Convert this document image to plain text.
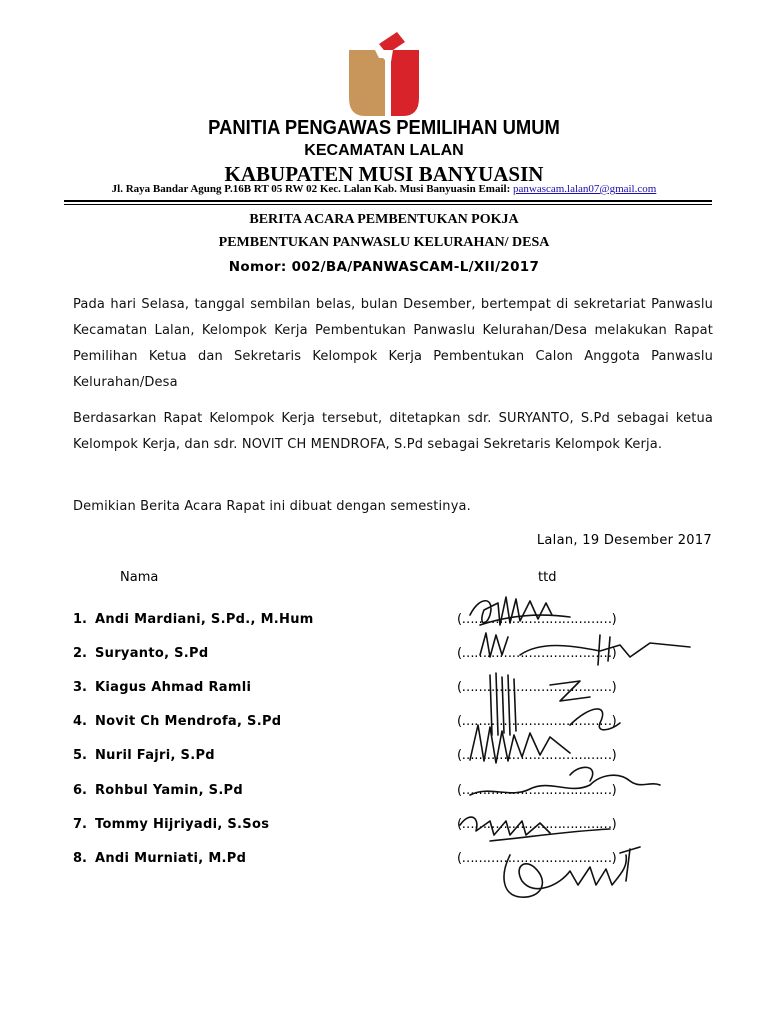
PANITIA PENGAWAS PEMILIHAN UMUM
KECAMATAN LALAN
KABUPATEN MUSI BANYUASIN
Jl. Raya Bandar Agung P.16B RT 05 RW 02 Kec. Lalan Kab. Musi Banyuasin Email: panwascam.lalan07@gmail.com
BERITA ACARA PEMBENTUKAN POKJA
PEMBENTUKAN PANWASLU KELURAHAN/ DESA
Nomor: 002/BA/PANWASCAM-L/XII/2017

Pada hari Selasa, tanggal sembilan belas, bulan Desember, bertempat di sekretariat Panwaslu Kecamatan Lalan, Kelompok Kerja Pembentukan Panwaslu Kelurahan/Desa melakukan Rapat Pemilihan Ketua dan Sekretaris Kelompok Kerja Pembentukan Calon Anggota Panwaslu Kelurahan/Desa

Berdasarkan Rapat Kelompok Kerja tersebut, ditetapkan sdr. SURYANTO, S.Pd sebagai ketua Kelompok Kerja, dan sdr. NOVIT CH MENDROFA, S.Pd sebagai Sekretaris Kelompok Kerja.

Demikian Berita Acara Rapat ini dibuat dengan semestinya.

Lalan, 19 Desember 2017
Nama	ttd
1. Andi Mardiani, S.Pd., M.Hum	(………………………………)
2. Suryanto, S.Pd	(………………………………)
3. Kiagus Ahmad Ramli	(………………………………)
4. Novit Ch Mendrofa, S.Pd	(………………………………)
5. Nuril Fajri, S.Pd	(………………………………)
6. Rohbul Yamin, S.Pd	(………………………………)
7. Tommy Hijriyadi, S.Sos	(………………………………)
8. Andi Murniati, M.Pd	(………………………………)
